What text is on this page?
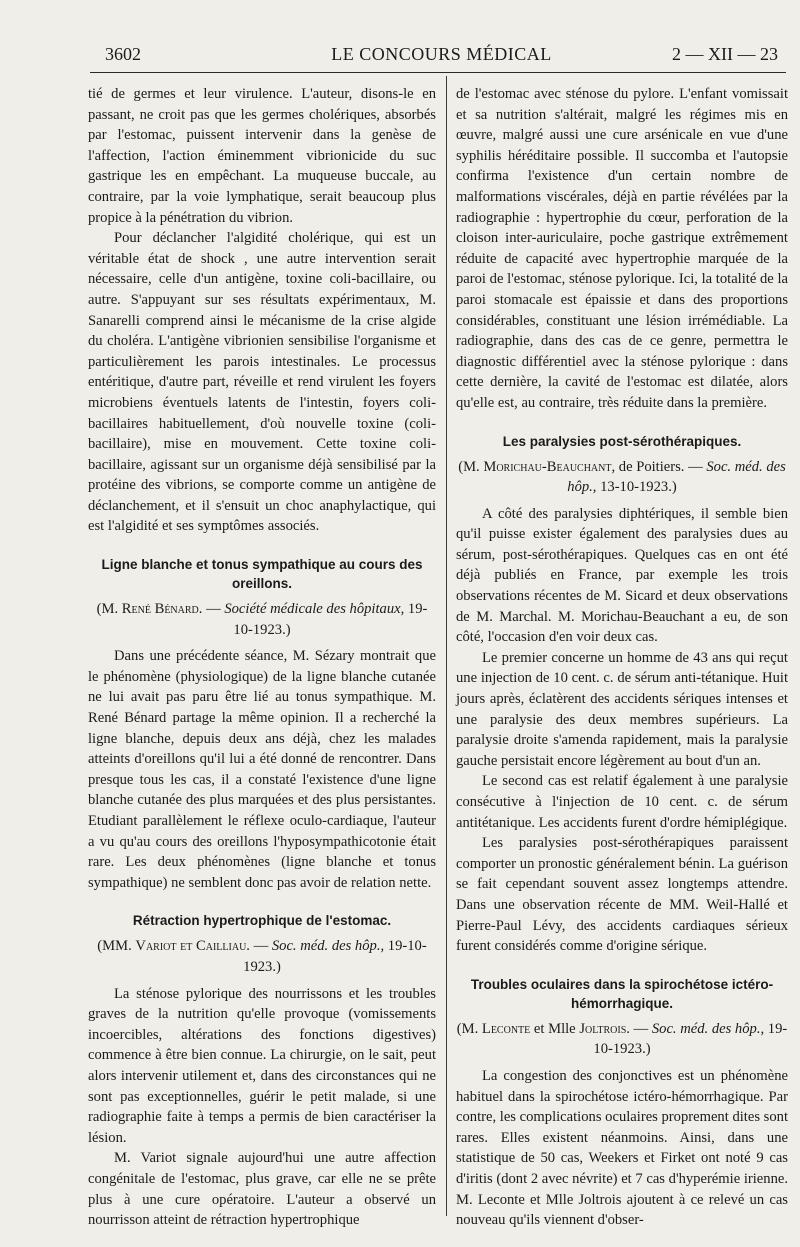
3602	LE CONCOURS MÉDICAL	2 — XII — 23

tié de germes et leur virulence. L'auteur, disons-le en passant, ne croit pas que les germes cholériques, absorbés par l'estomac, puissent intervenir dans la genèse de l'affection, l'action éminemment vibrionicide du suc gastrique les en empêchant. La muqueuse buccale, au contraire, par la voie lymphatique, serait beaucoup plus propice à la pénétration du vibrion.

Pour déclancher l'algidité cholérique, qui est un véritable état de shock , une autre intervention serait nécessaire, celle d'un antigène, toxine coli-bacillaire, ou autre. S'appuyant sur ses résultats expérimentaux, M. Sanarelli comprend ainsi le mécanisme de la crise algide du choléra. L'antigène vibrionien sensibilise l'organisme et particulièrement les parois intestinales. Le processus entéritique, d'autre part, réveille et rend virulent les foyers microbiens éventuels latents de l'intestin, foyers coli-bacillaires habituellement, d'où nouvelle toxine (coli-bacillaire), mise en mouvement. Cette toxine coli-bacillaire, agissant sur un organisme déjà sensibilisé par la protéine des vibrions, se comporte comme un antigène de déclanchement, et il s'ensuit un choc anaphylactique, qui est l'algidité et ses symptômes associés.

Ligne blanche et tonus sympathique au cours des oreillons.

(M. René Bénard. — Société médicale des hôpitaux, 19-10-1923.)

Dans une précédente séance, M. Sézary montrait que le phénomène (physiologique) de la ligne blanche cutanée ne lui avait pas paru être lié au tonus sympathique. M. René Bénard partage la même opinion. Il a recherché la ligne blanche, depuis deux ans déjà, chez les malades atteints d'oreillons qu'il lui a été donné de rencontrer. Dans presque tous les cas, il a constaté l'existence d'une ligne blanche cutanée des plus marquées et des plus persistantes. Etudiant parallèlement le réflexe oculo-cardiaque, l'auteur a vu qu'au cours des oreillons l'hyposympathicotonie était rare. Les deux phénomènes (ligne blanche et tonus sympathique) ne semblent donc pas avoir de relation nette.

Rétraction hypertrophique de l'estomac.

(MM. Variot et Cailliau. — Soc. méd. des hôp., 19-10-1923.)

La sténose pylorique des nourrissons et les troubles graves de la nutrition qu'elle provoque (vomissements incoercibles, altérations des fonctions digestives) commence à être bien connue. La chirurgie, on le sait, peut alors intervenir utilement et, dans des circonstances qui ne sont pas exceptionnelles, guérir le petit malade, si une radiographie faite à temps a permis de bien caractériser la lésion.

M. Variot signale aujourd'hui une autre affection congénitale de l'estomac, plus grave, car elle ne se prête plus à une cure opératoire. L'auteur a observé un nourrisson atteint de rétraction hypertrophique

de l'estomac avec sténose du pylore. L'enfant vomissait et sa nutrition s'altérait, malgré les régimes mis en œuvre, malgré aussi une cure arsénicale en vue d'une syphilis héréditaire possible. Il succomba et l'autopsie confirma l'existence d'un certain nombre de malformations viscérales, déjà en partie révélées par la radiographie : hypertrophie du cœur, perforation de la cloison inter-auriculaire, poche gastrique extrêmement réduite de capacité avec hypertrophie marquée de la paroi de l'estomac, sténose pylorique. Ici, la totalité de la paroi stomacale est épaissie et dans des proportions considérables, constituant une lésion irrémédiable. La radiographie, dans des cas de ce genre, permettra le diagnostic différentiel avec la sténose pylorique : dans cette dernière, la cavité de l'estomac est dilatée, alors qu'elle est, au contraire, très réduite dans la première.

Les paralysies post-sérothérapiques.

(M. Morichau-Beauchant, de Poitiers. — Soc. méd. des hôp., 13-10-1923.)

A côté des paralysies diphtériques, il semble bien qu'il puisse exister également des paralysies dues au sérum, post-sérothérapiques. Quelques cas en ont été déjà publiés en France, par exemple les trois observations récentes de M. Sicard et deux observations de M. Marchal. M. Morichau-Beauchant a eu, de son côté, l'occasion d'en voir deux cas.

Le premier concerne un homme de 43 ans qui reçut une injection de 10 cent. c. de sérum anti-tétanique. Huit jours après, éclatèrent des accidents sériques intenses et une paralysie des deux membres supérieurs. La paralysie droite s'amenda rapidement, mais la paralysie gauche persistait encore légèrement au bout d'un an.

Le second cas est relatif également à une paralysie consécutive à l'injection de 10 cent. c. de sérum antitétanique. Les accidents furent d'ordre hémiplégique.

Les paralysies post-sérothérapiques paraissent comporter un pronostic généralement bénin. La guérison se fait cependant souvent assez longtemps attendre. Dans une observation récente de MM. Weil-Hallé et Pierre-Paul Lévy, des accidents cardiaques sérieux furent considérés comme d'origine sérique.

Troubles oculaires dans la spirochétose ictéro-hémorrhagique.

(M. Leconte et Mlle Joltrois. — Soc. méd. des hôp., 19-10-1923.)

La congestion des conjonctives est un phénomène habituel dans la spirochétose ictéro-hémorrhagique. Par contre, les complications oculaires proprement dites sont rares. Elles existent néanmoins. Ainsi, dans une statistique de 50 cas, Weekers et Firket ont noté 9 cas d'iritis (dont 2 avec névrite) et 7 cas d'hyperémie irienne. M. Leconte et Mlle Joltrois ajoutent à ce relevé un cas nouveau qu'ils viennent d'obser-
